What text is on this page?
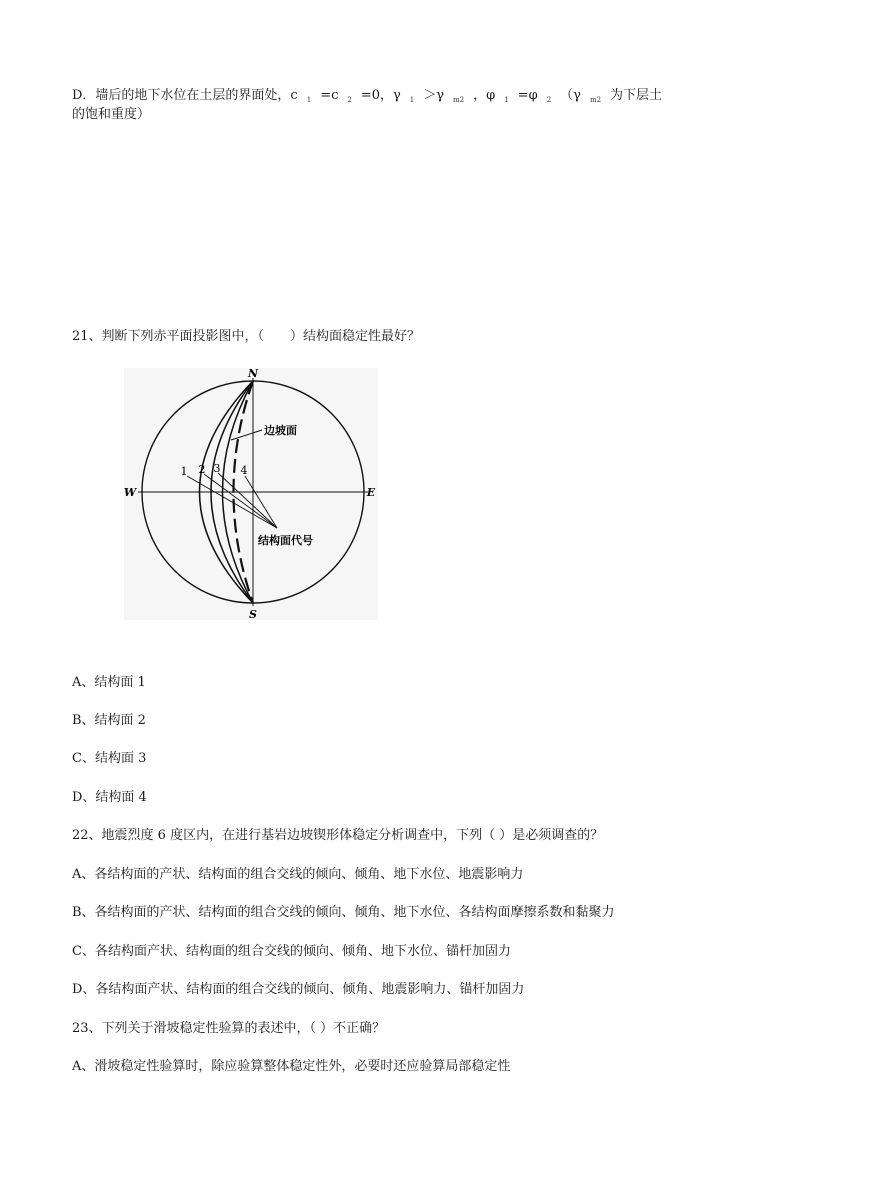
D．墙后的地下水位在土层的界面处，c $_1$ =c $_2$ =0，γ $_1$ ＞γ $_{m2}$ ，φ $_1$ =φ $_2$ （γ $_{m2}$ 为下层土
的饱和重度）
21、判断下列赤平面投影图中，（　　）结构面稳定性最好？
N
S
W	E
边坡面
结构面代号
1 2 3 4
A、结构面 1
B、结构面 2
C、结构面 3
D、结构面 4
22、地震烈度 6 度区内，在进行基岩边坡锲形体稳定分析调查中，下列（ ）是必须调查的？
A、各结构面的产状、结构面的组合交线的倾向、倾角、地下水位、地震影响力
B、各结构面的产状、结构面的组合交线的倾向、倾角、地下水位、各结构面摩擦系数和黏聚力
C、各结构面产状、结构面的组合交线的倾向、倾角、地下水位、锚杆加固力
D、各结构面产状、结构面的组合交线的倾向、倾角、地震影响力、锚杆加固力
23、下列关于滑坡稳定性验算的表述中，（ ）不正确？
A、滑坡稳定性验算时，除应验算整体稳定性外，必要时还应验算局部稳定性
